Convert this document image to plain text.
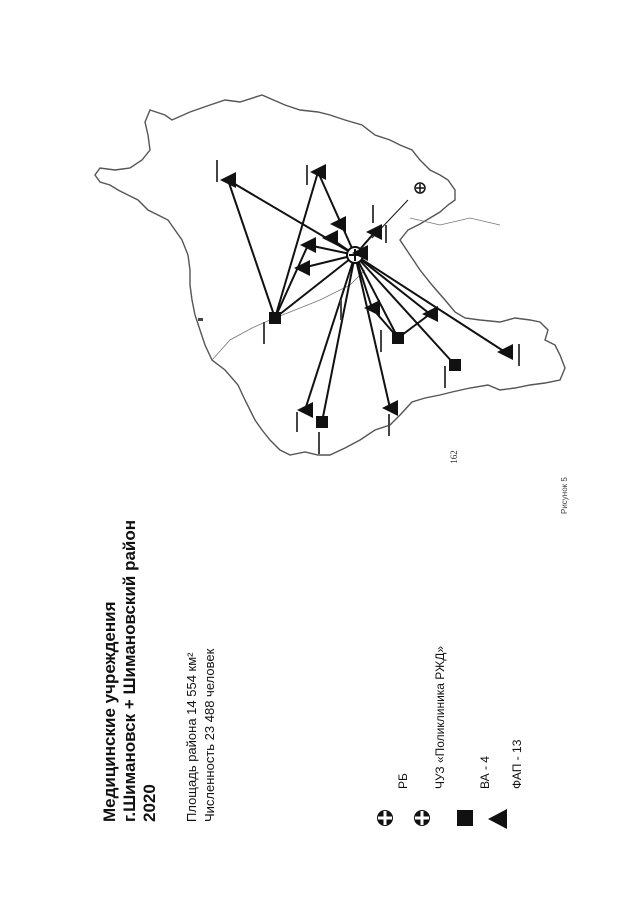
162
Медицинские учреждения г.Шимановск + Шимановский район 2020 Площадь района 14 554 км² Численность 23 488 человек	РБ ЧУЗ «Поликлиника РЖД»	ВА - 4 ФАП - 13
Рисунок 5
